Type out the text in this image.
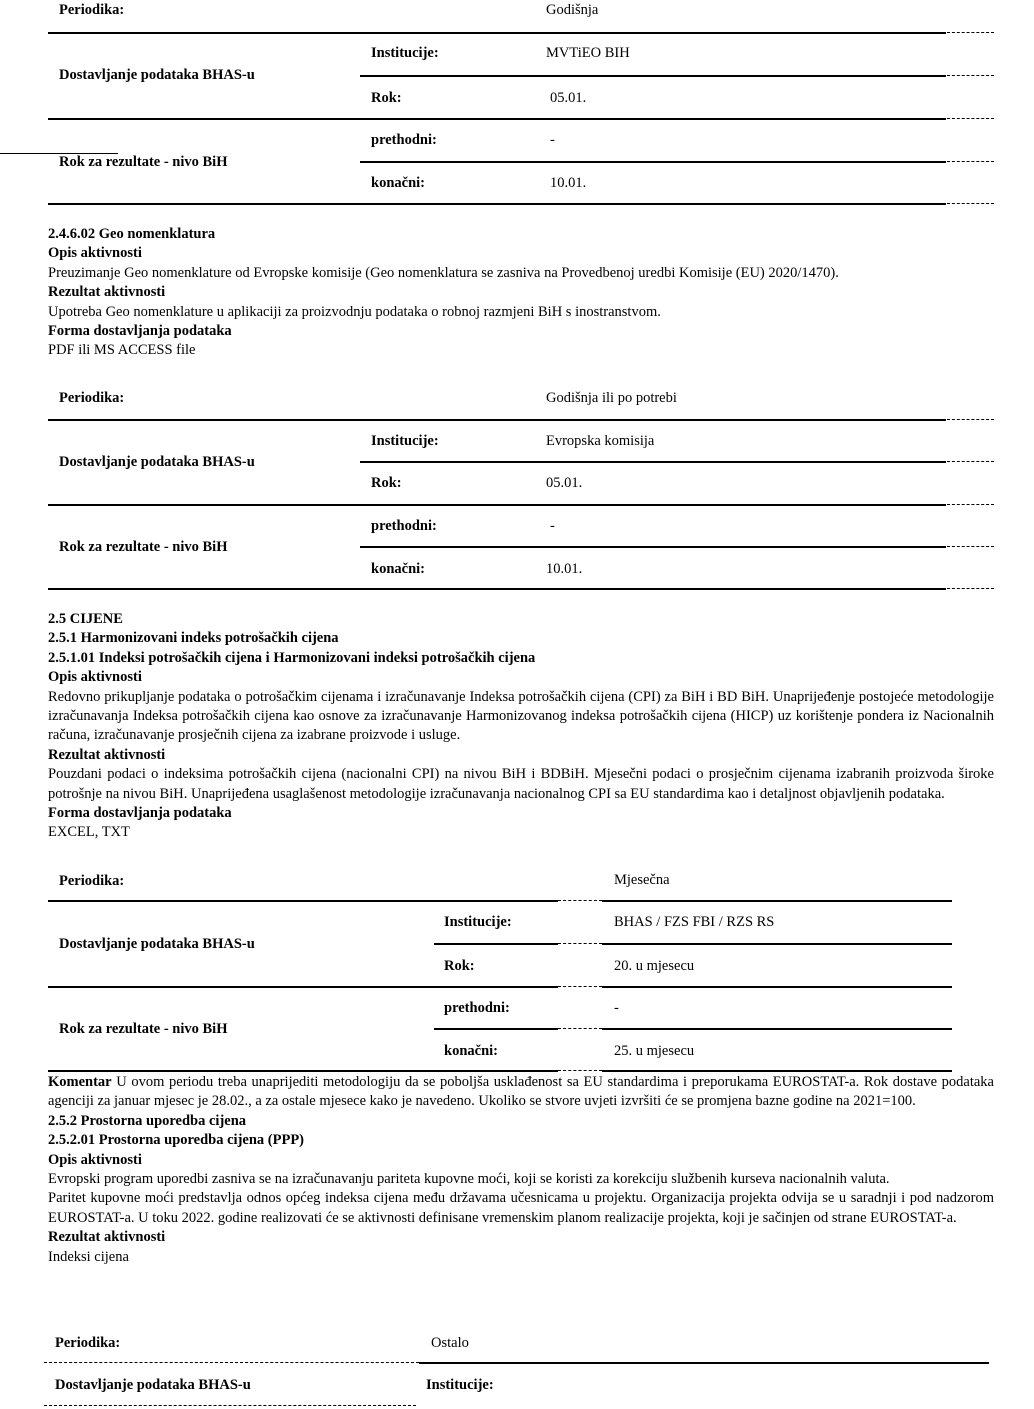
Periodika:	Godišnja
Dostavljanje podataka BHAS-u
Institucije:	MVTiEO BIH
Rok:	05.01.
Rok za rezultate - nivo BiH
prethodni:	-
konačni:	10.01.

2.4.6.02 Geo nomenklatura

Opis aktivnosti

Preuzimanje Geo nomenklature od Evropske komisije (Geo nomenklatura se zasniva na Provedbenoj uredbi Komisije (EU) 2020/1470).

Rezultat aktivnosti

Upotreba Geo nomenklature u aplikaciji za proizvodnju podataka o robnoj razmjeni BiH s inostranstvom.

Forma dostavljanja podataka

PDF ili MS ACCESS file

Periodika:	Godišnja ili po potrebi
Dostavljanje podataka BHAS-u
Institucije:	Evropska komisija
Rok:	05.01.
Rok za rezultate - nivo BiH
prethodni:	-
konačni:	10.01.

2.5 CIJENE

2.5.1 Harmonizovani indeks potrošačkih cijena

2.5.1.01 Indeksi potrošačkih cijena i Harmonizovani indeksi potrošačkih cijena

Opis aktivnosti

Redovno prikupljanje podataka o potrošačkim cijenama i izračunavanje Indeksa potrošačkih cijena (CPI) za BiH i BD BiH. Unaprijeđenje postojeće metodologije izračunavanja Indeksa potrošačkih cijena kao osnove za izračunavanje Harmonizovanog indeksa potrošačkih cijena (HICP) uz korištenje pondera iz Nacionalnih računa, izračunavanje prosječnih cijena za izabrane proizvode i usluge.

Rezultat aktivnosti

Pouzdani podaci o indeksima potrošačkih cijena (nacionalni CPI) na nivou BiH i BDBiH. Mjesečni podaci o prosječnim cijenama izabranih proizvoda široke potrošnje na nivou BiH. Unaprijeđena usaglašenost metodologije izračunavanja nacionalnog CPI sa EU standardima kao i detaljnost objavljenih podataka.

Forma dostavljanja podataka

EXCEL, TXT

Periodika:	Mjesečna
Dostavljanje podataka BHAS-u
Institucije:	BHAS / FZS FBI / RZS RS
Rok:	20. u mjesecu
Rok za rezultate - nivo BiH
prethodni:	-
konačni:	25. u mjesecu

Komentar U ovom periodu treba unaprijediti metodologiju da se poboljša usklađenost sa EU standardima i preporukama EUROSTAT-a. Rok dostave podataka agenciji za januar mjesec je 28.02., a za ostale mjesece kako je navedeno. Ukoliko se stvore uvjeti izvršiti će se promjena bazne godine na 2021=100.

2.5.2 Prostorna uporedba cijena

2.5.2.01 Prostorna uporedba cijena (PPP)

Opis aktivnosti

Evropski program uporedbi zasniva se na izračunavanju pariteta kupovne moći, koji se koristi za korekciju službenih kurseva nacionalnih valuta.

Paritet kupovne moći predstavlja odnos općeg indeksa cijena među državama učesnicama u projektu. Organizacija projekta odvija se u saradnji i pod nadzorom EUROSTAT-a. U toku 2022. godine realizovati će se aktivnosti definisane vremenskim planom realizacije projekta, koji je sačinjen od strane EUROSTAT-a.

Rezultat aktivnosti

Indeksi cijena

Periodika:	Ostalo
Dostavljanje podataka BHAS-u	Institucije:
